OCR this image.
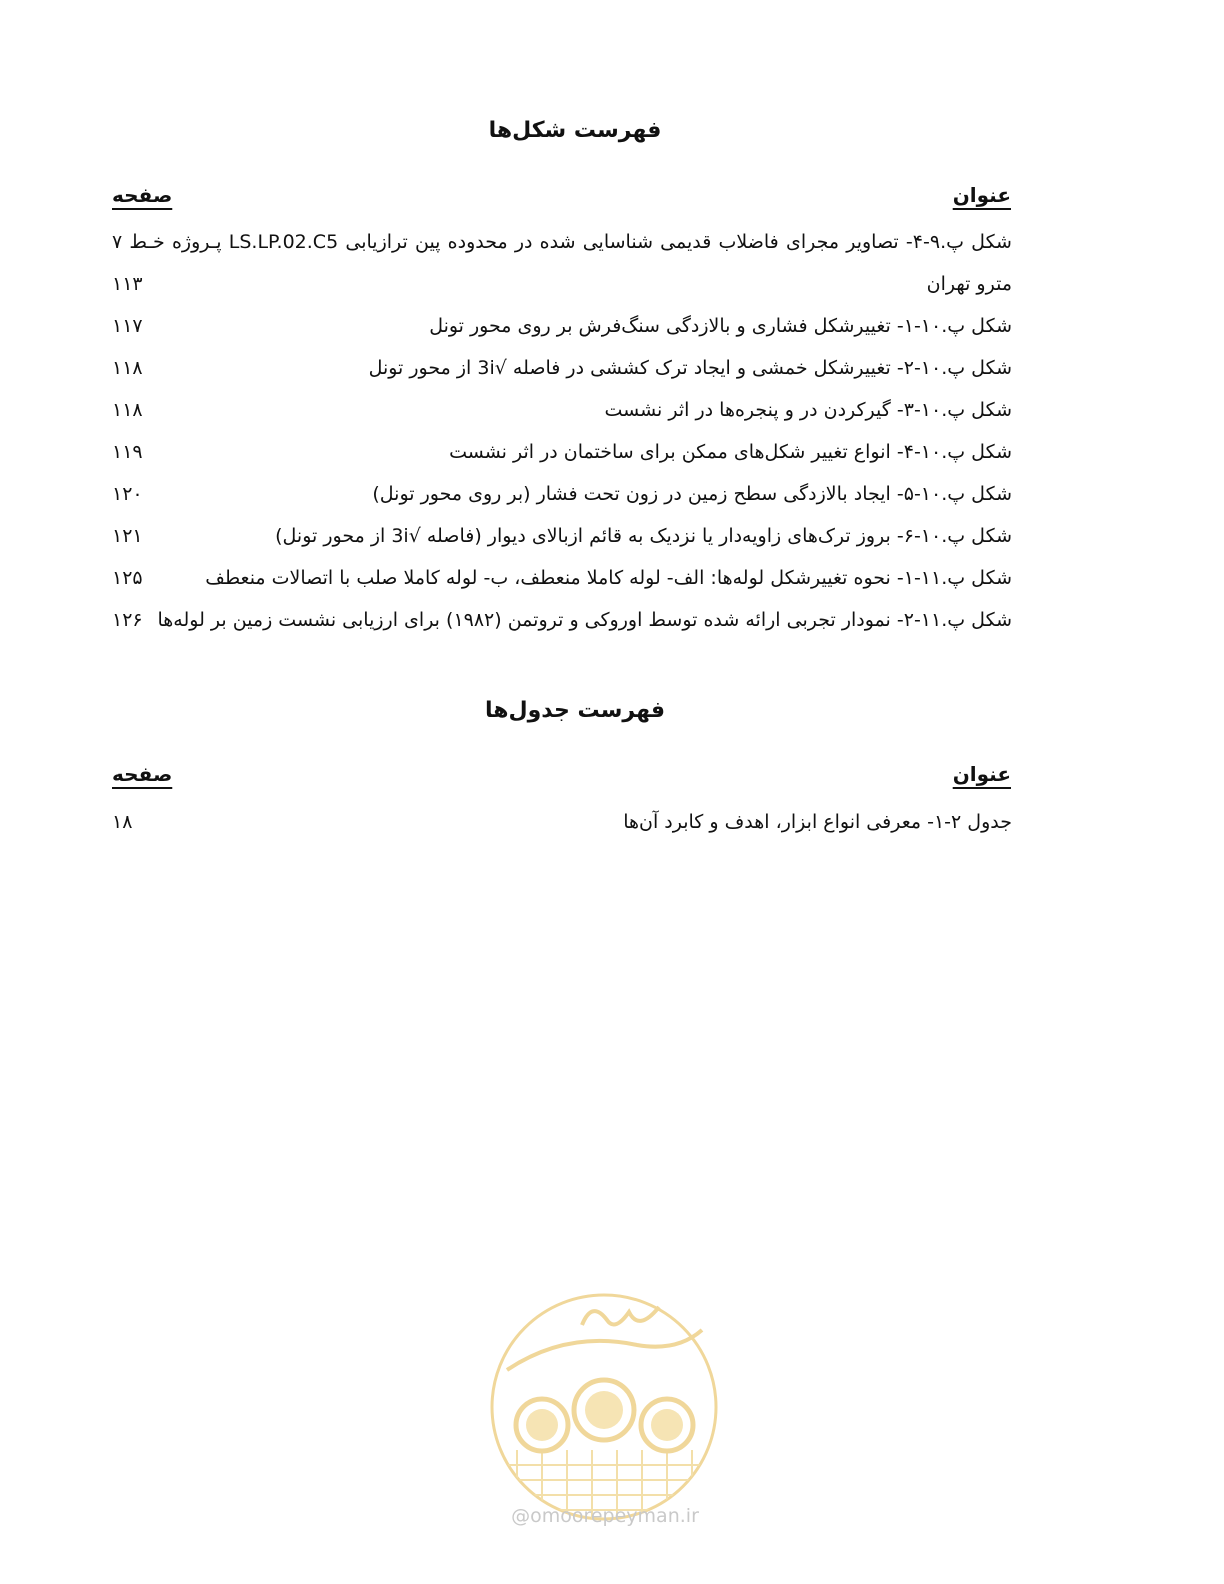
فهرست شکل‌ها
عنوان
صفحه
شکل پ.۹-۴- تصاویر مجرای فاضلاب قدیمی شناسایی شده در محدوده پین ترازیابی LS.LP.02.C5 پـروژه خـط ۷
مترو تهران
۱۱۳
شکل پ.۱۰-۱- تغییرشکل فشاری و بالازدگی سنگ‌فرش بر روی محور تونل
۱۱۷
شکل پ.۱۰-۲- تغییرشکل خمشی و ایجاد ترک کششی در فاصله √3i از محور تونل
۱۱۸
شکل پ.۱۰-۳- گیرکردن در و پنجره‌ها در اثر نشست
۱۱۸
شکل پ.۱۰-۴- انواع تغییر شکل‌های ممکن برای ساختمان در اثر نشست
۱۱۹
شکل پ.۱۰-۵- ایجاد بالازدگی سطح زمین در زون تحت فشار (بر روی محور تونل)
۱۲۰
شکل پ.۱۰-۶- بروز ترک‌های زاویه‌دار یا نزدیک به قائم ازبالای دیوار (فاصله √3i از محور تونل)
۱۲۱
شکل پ.۱۱-۱- نحوه تغییرشکل لوله‌ها: الف- لوله کاملا منعطف، ب- لوله کاملا صلب با اتصالات منعطف
۱۲۵
شکل پ.۱۱-۲- نمودار تجربی ارائه شده توسط اوروکی و تروتمن (۱۹۸۲) برای ارزیابی نشست زمین بر لوله‌ها
۱۲۶
فهرست جدول‌ها
عنوان
صفحه
جدول ۲-۱- معرفی انواع ابزار، اهدف و کابرد آن‌ها
۱۸
@omoorepeyman.ir
